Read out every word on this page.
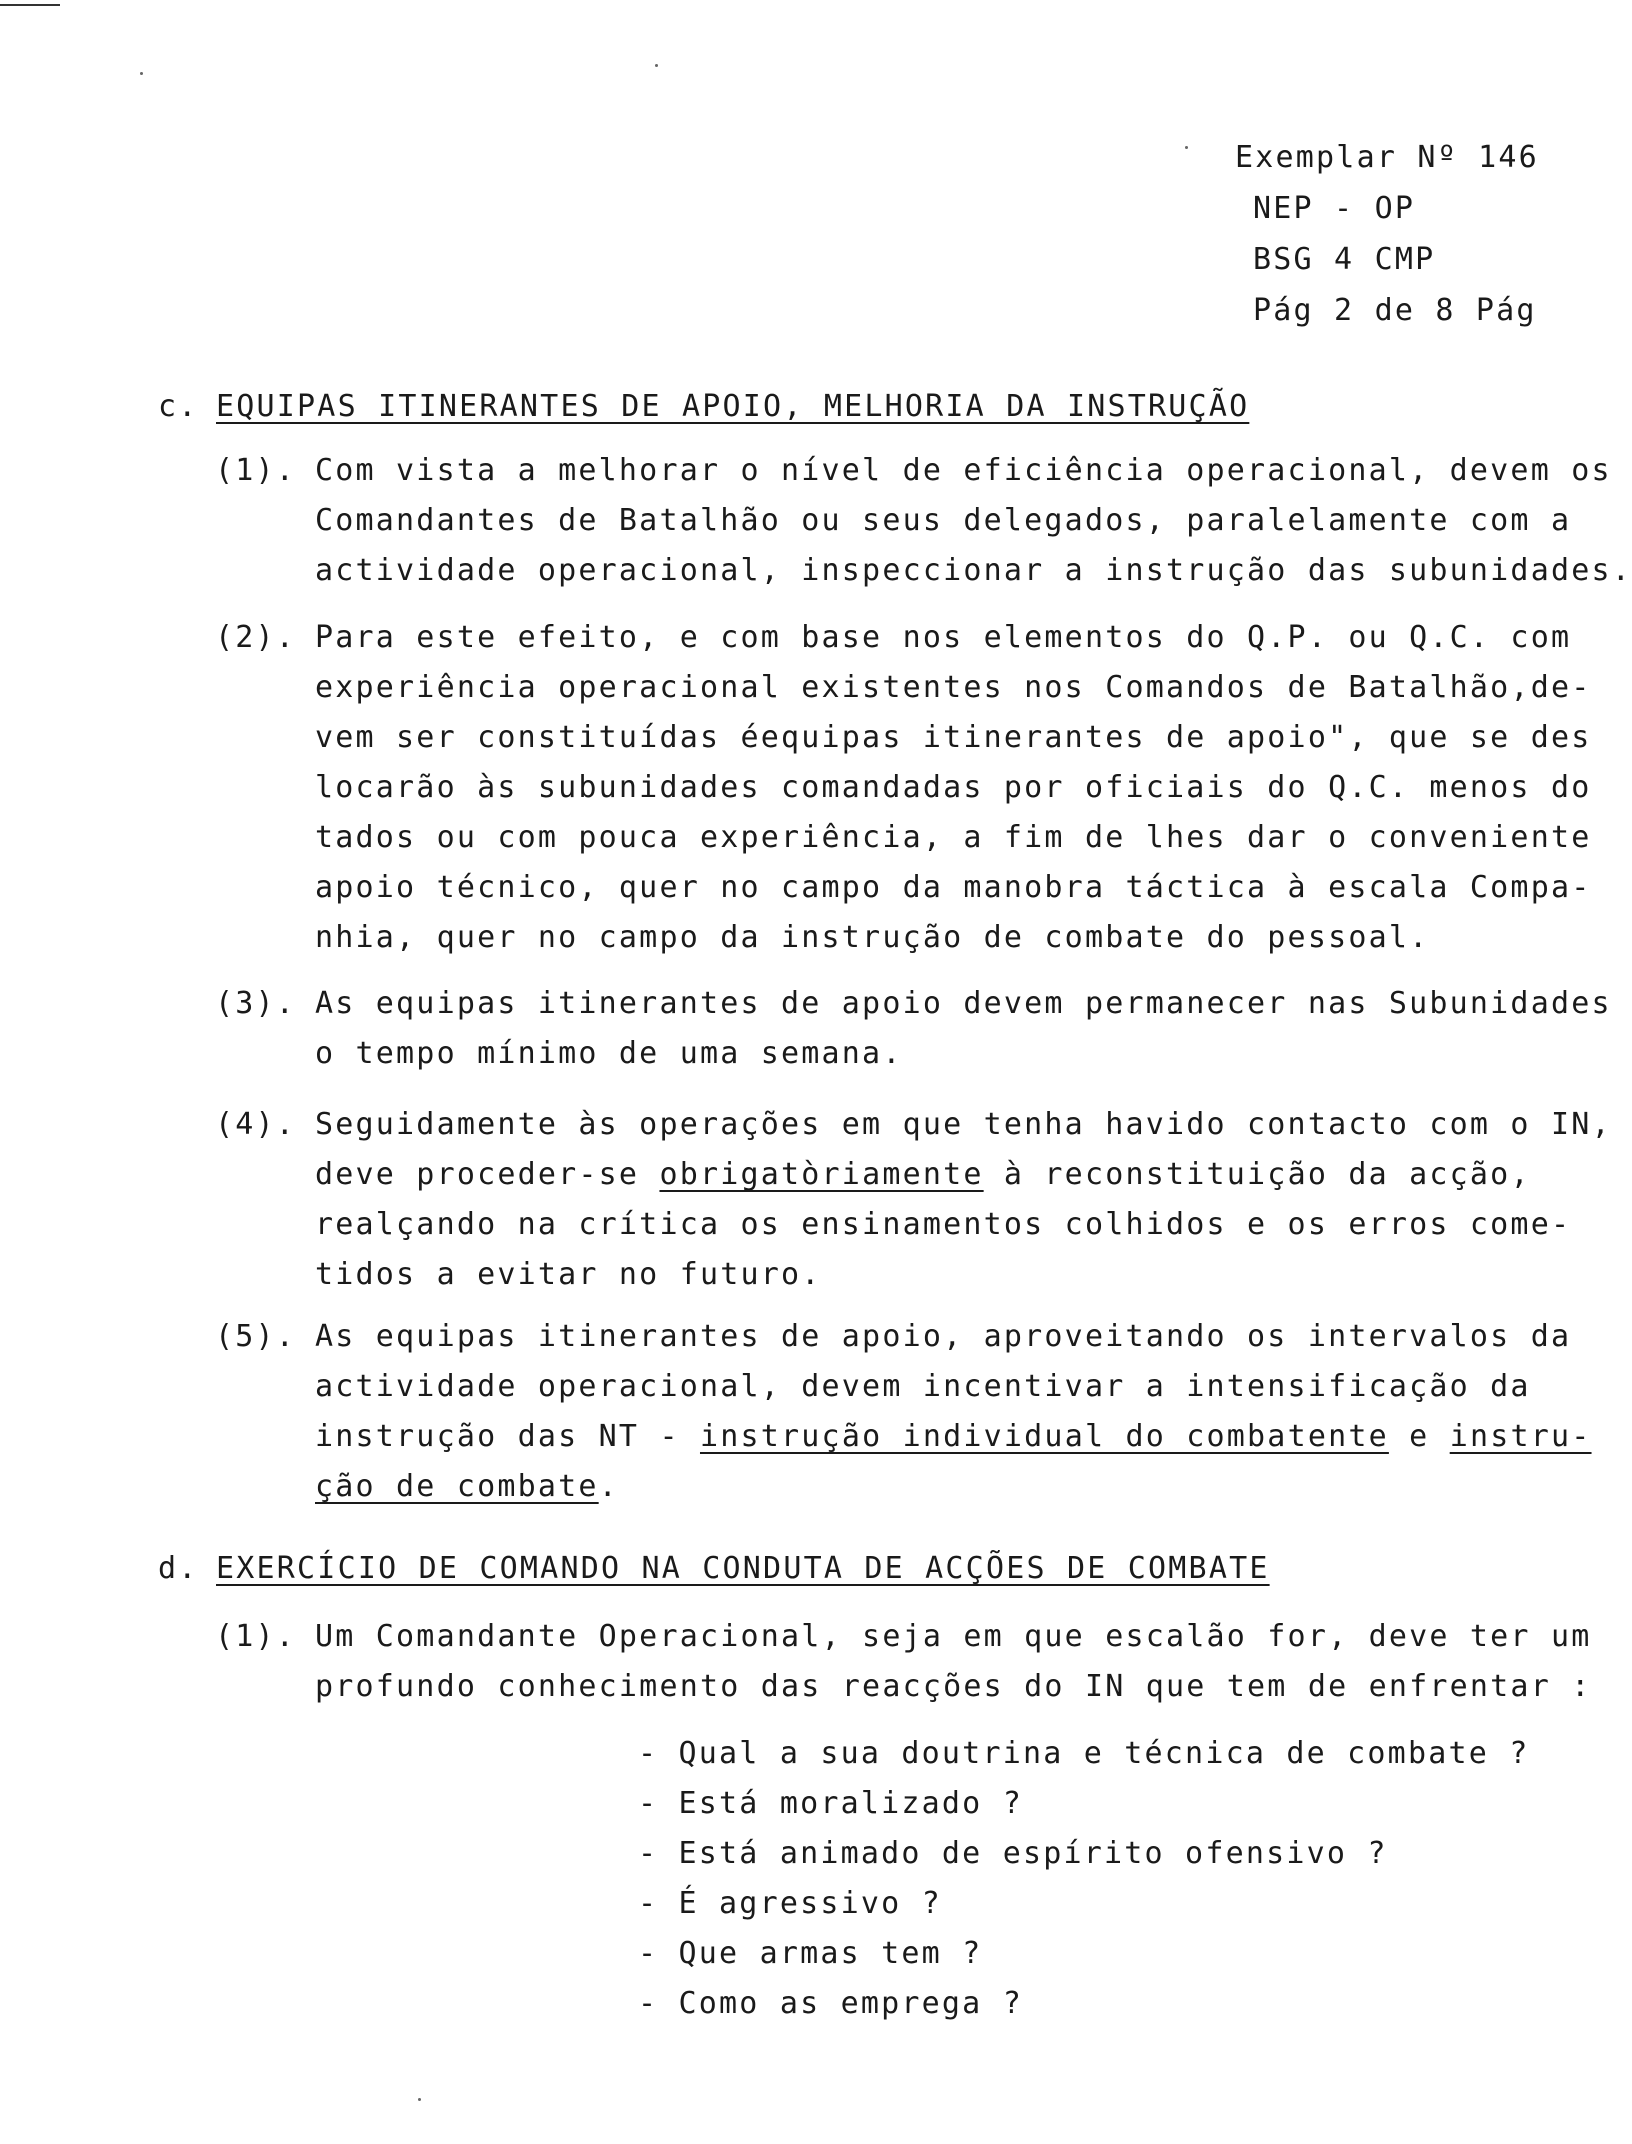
Exemplar Nº 146
NEP - OP
BSG 4 CMP
Pág 2 de 8 Pág
c. EQUIPAS ITINERANTES DE APOIO, MELHORIA DA INSTRUÇÃO
(1). Com vista a melhorar o nível de eficiência operacional, devem os
Comandantes de Batalhão ou seus delegados, paralelamente com a
actividade operacional, inspeccionar a instrução das subunidades.
(2). Para este efeito, e com base nos elementos do Q.P. ou Q.C. com
experiência operacional existentes nos Comandos de Batalhão,de-
vem ser constituídas éequipas itinerantes de apoio", que se des
locarão às subunidades comandadas por oficiais do Q.C. menos do
tados ou com pouca experiência, a fim de lhes dar o conveniente
apoio técnico, quer no campo da manobra táctica à escala Compa-
nhia, quer no campo da instrução de combate do pessoal.
(3). As equipas itinerantes de apoio devem permanecer nas Subunidades
o tempo mínimo de uma semana.
(4). Seguidamente às operações em que tenha havido contacto com o IN,
deve proceder-se obrigatòriamente à reconstituição da acção,
realçando na crítica os ensinamentos colhidos e os erros come-
tidos a evitar no futuro.
(5). As equipas itinerantes de apoio, aproveitando os intervalos da
actividade operacional, devem incentivar a intensificação da
instrução das NT - instrução individual do combatente e instru-
ção de combate.
d. EXERCÍCIO DE COMANDO NA CONDUTA DE ACÇÕES DE COMBATE
(1). Um Comandante Operacional, seja em que escalão for, deve ter um
profundo conhecimento das reacções do IN que tem de enfrentar :
- Qual a sua doutrina e técnica de combate ?
- Está moralizado ?
- Está animado de espírito ofensivo ?
- É agressivo ?
- Que armas tem ?
- Como as emprega ?
